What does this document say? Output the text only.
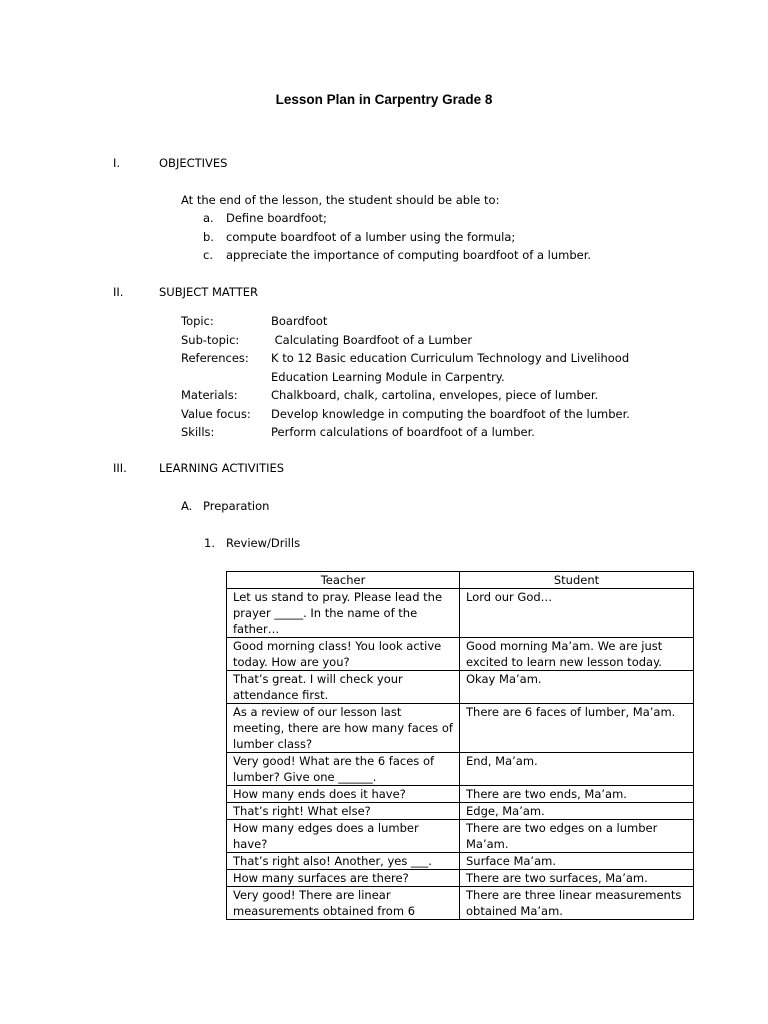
Lesson Plan in Carpentry Grade 8
I.	OBJECTIVES
At the end of the lesson, the student should be able to:
a. Define boardfoot;
b. compute boardfoot of a lumber using the formula;
c. appreciate the importance of computing boardfoot of a lumber.
II.	SUBJECT MATTER
Topic:	Boardfoot
Sub-topic:	Calculating Boardfoot of a Lumber
References:	K to 12 Basic education Curriculum Technology and Livelihood Education Learning Module in Carpentry.
Materials:	Chalkboard, chalk, cartolina, envelopes, piece of lumber.
Value focus:	Develop knowledge in computing the boardfoot of the lumber.
Skills:	Perform calculations of boardfoot of a lumber.
III.	LEARNING ACTIVITIES
A. Preparation
1. Review/Drills
Teacher	Student
Let us stand to pray. Please lead the prayer _____. In the name of the father…	Lord our God…
Good morning class! You look active today. How are you?	Good morning Ma’am. We are just excited to learn new lesson today.
That’s great. I will check your attendance first.	Okay Ma’am.
As a review of our lesson last meeting, there are how many faces of lumber class?	There are 6 faces of lumber, Ma’am.
Very good! What are the 6 faces of lumber? Give one ______.	End, Ma’am.
How many ends does it have?	There are two ends, Ma’am.
That’s right! What else?	Edge, Ma’am.
How many edges does a lumber have?	There are two edges on a lumber Ma’am.
That’s right also! Another, yes ___.	Surface Ma’am.
How many surfaces are there?	There are two surfaces, Ma’am.
Very good! There are linear measurements obtained from 6	There are three linear measurements obtained Ma’am.
